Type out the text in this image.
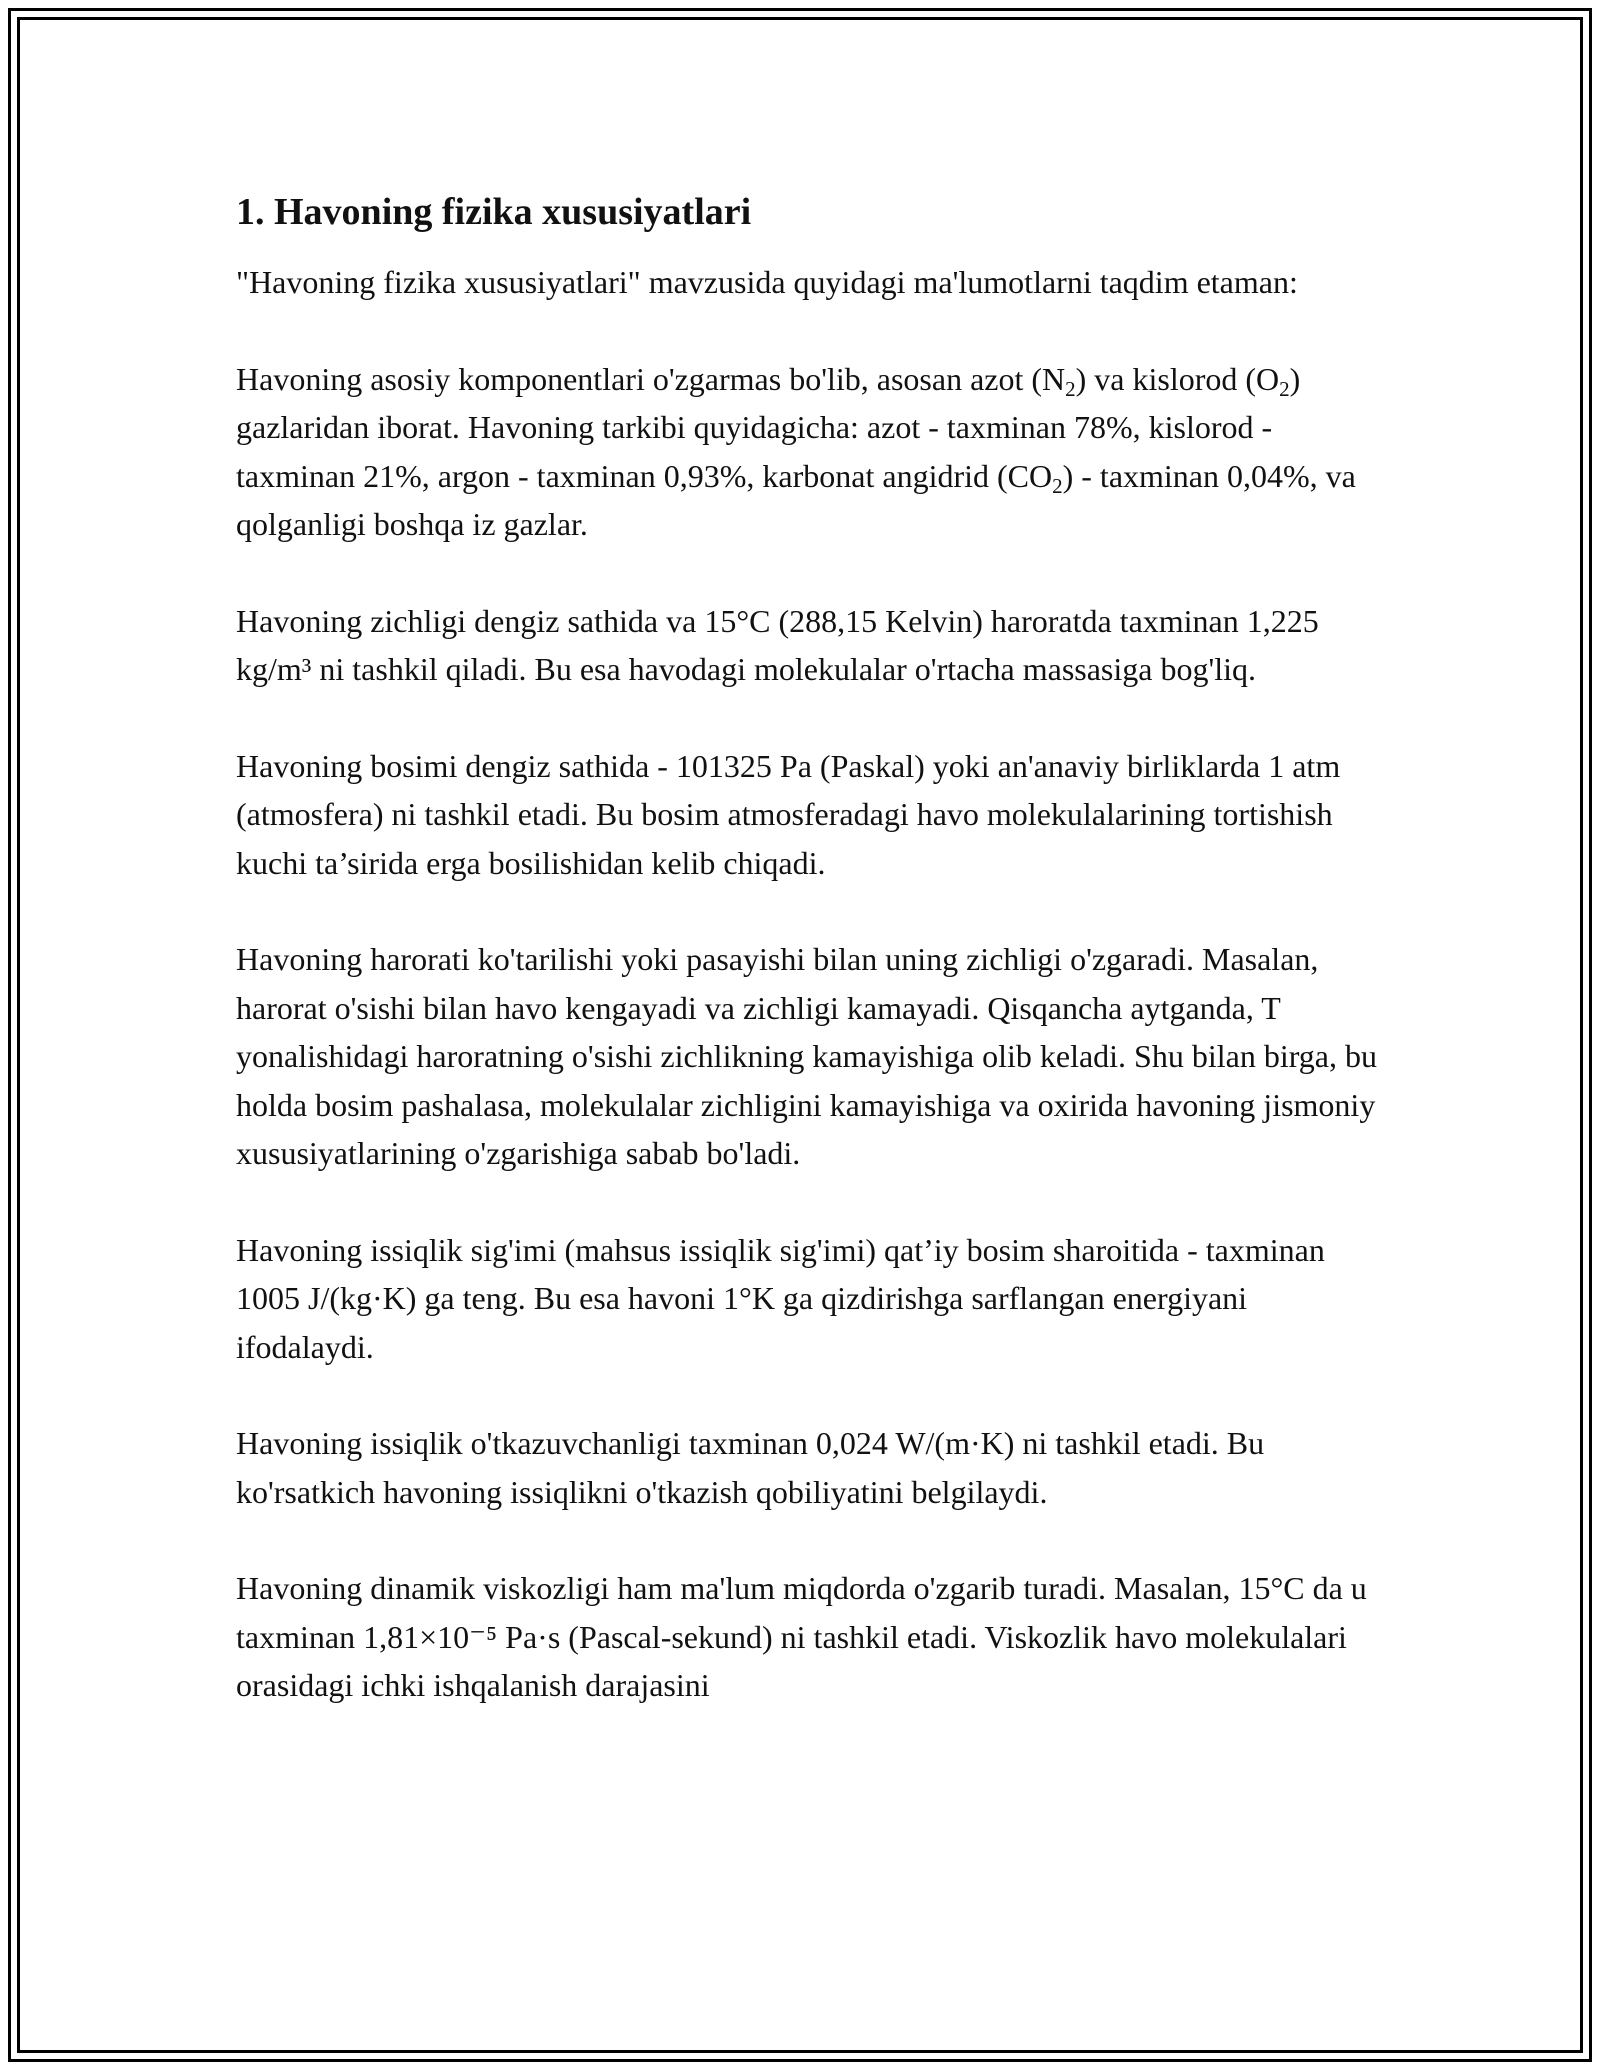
1. Havoning fizika xususiyatlari

"Havoning fizika xususiyatlari" mavzusida quyidagi ma'lumotlarni taqdim etaman:

Havoning asosiy komponentlari o'zgarmas bo'lib, asosan azot $(N_2)$ va kislorod $(O_2)$ gazlaridan iborat. Havoning tarkibi quyidagicha: azot - taxminan 78%, kislorod - taxminan 21%, argon - taxminan 0,93%, karbonat angidrid $(CO_2)$ - taxminan 0,04%, va qolganligi boshqa iz gazlar.

Havoning zichligi dengiz sathida va 15°C (288,15 Kelvin) haroratda taxminan 1,225 kg/m³ ni tashkil qiladi. Bu esa havodagi molekulalar o'rtacha massasiga bog'liq.

Havoning bosimi dengiz sathida - 101325 Pa (Paskal) yoki an'anaviy birliklarda 1 atm (atmosfera) ni tashkil etadi. Bu bosim atmosferadagi havo molekulalarining tortishish kuchi ta’sirida erga bosilishidan kelib chiqadi.

Havoning harorati ko'tarilishi yoki pasayishi bilan uning zichligi o'zgaradi. Masalan, harorat o'sishi bilan havo kengayadi va zichligi kamayadi. Qisqancha aytganda, T yonalishidagi haroratning o'sishi zichlikning kamayishiga olib keladi. Shu bilan birga, bu holda bosim pashalasa, molekulalar zichligini kamayishiga va oxirida havoning jismoniy xususiyatlarining o'zgarishiga sabab bo'ladi.

Havoning issiqlik sig'imi (mahsus issiqlik sig'imi) qat’iy bosim sharoitida - taxminan 1005 J/(kg·K) ga teng. Bu esa havoni 1°K ga qizdirishga sarflangan energiyani ifodalaydi.

Havoning issiqlik o'tkazuvchanligi taxminan 0,024 W/(m·K) ni tashkil etadi. Bu ko'rsatkich havoning issiqlikni o'tkazish qobiliyatini belgilaydi.

Havoning dinamik viskozligi ham ma'lum miqdorda o'zgarib turadi. Masalan, 15°C da u taxminan 1,81×10⁻⁵ Pa·s (Pascal-sekund) ni tashkil etadi. Viskozlik havo molekulalari orasidagi ichki ishqalanish darajasini
